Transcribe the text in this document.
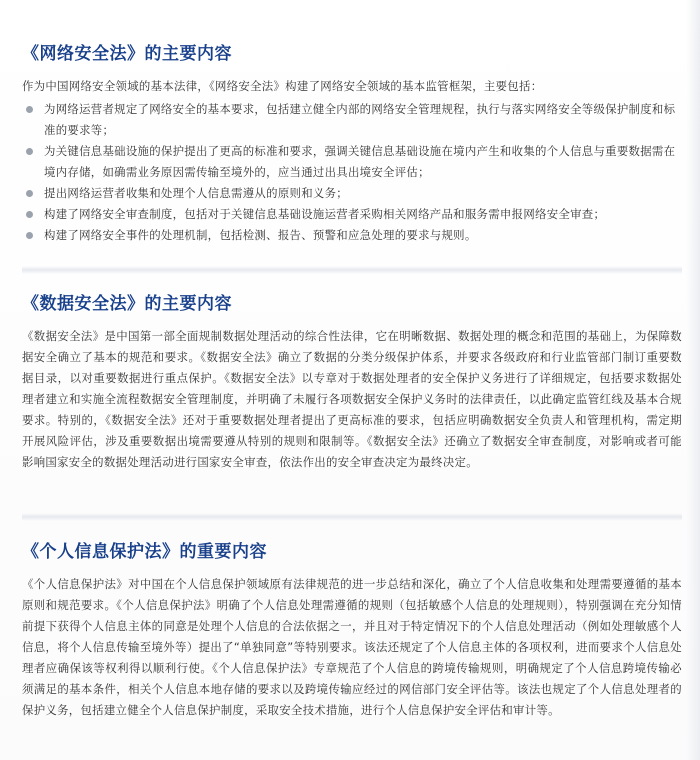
《网络安全法》的主要内容

作为中国网络安全领域的基本法律，《网络安全法》构建了网络安全领域的基本监管框架，主要包括：

为网络运营者规定了网络安全的基本要求，包括建立健全内部的网络安全管理规程，执行与落实网络安全等级保护制度和标准的要求等；
为关键信息基础设施的保护提出了更高的标准和要求，强调关键信息基础设施在境内产生和收集的个人信息与重要数据需在境内存储，如确需业务原因需传输至境外的，应当通过出具出境安全评估；
提出网络运营者收集和处理个人信息需遵从的原则和义务；
构建了网络安全审查制度，包括对于关键信息基础设施运营者采购相关网络产品和服务需申报网络安全审查；
构建了网络安全事件的处理机制，包括检测、报告、预警和应急处理的要求与规则。
《数据安全法》的主要内容

《数据安全法》是中国第一部全面规制数据处理活动的综合性法律，它在明晰数据、数据处理的概念和范围的基础上，为保障数据安全确立了基本的规范和要求。《数据安全法》确立了数据的分类分级保护体系，并要求各级政府和行业监管部门制订重要数据目录，以对重要数据进行重点保护。《数据安全法》以专章对于数据处理者的安全保护义务进行了详细规定，包括要求数据处理者建立和实施全流程数据安全管理制度，并明确了未履行各项数据安全保护义务时的法律责任，以此确定监管红线及基本合规要求。特别的，《数据安全法》还对于重要数据处理者提出了更高标准的要求，包括应明确数据安全负责人和管理机构，需定期开展风险评估，涉及重要数据出境需要遵从特别的规则和限制等。《数据安全法》还确立了数据安全审查制度，对影响或者可能影响国家安全的数据处理活动进行国家安全审查，依法作出的安全审查决定为最终决定。

《个人信息保护法》的重要内容

《个人信息保护法》对中国在个人信息保护领域原有法律规范的进一步总结和深化，确立了个人信息收集和处理需要遵循的基本原则和规范要求。《个人信息保护法》明确了个人信息处理需遵循的规则（包括敏感个人信息的处理规则），特别强调在充分知情前提下获得个人信息主体的同意是处理个人信息的合法依据之一，并且对于特定情况下的个人信息处理活动（例如处理敏感个人信息，将个人信息传输至境外等）提出了“单独同意”等特别要求。该法还规定了个人信息主体的各项权利，进而要求个人信息处理者应确保该等权利得以顺利行使。《个人信息保护法》专章规范了个人信息的跨境传输规则，明确规定了个人信息跨境传输必须满足的基本条件，相关个人信息本地存储的要求以及跨境传输应经过的网信部门安全评估等。该法也规定了个人信息处理者的保护义务，包括建立健全个人信息保护制度，采取安全技术措施，进行个人信息保护安全评估和审计等。
